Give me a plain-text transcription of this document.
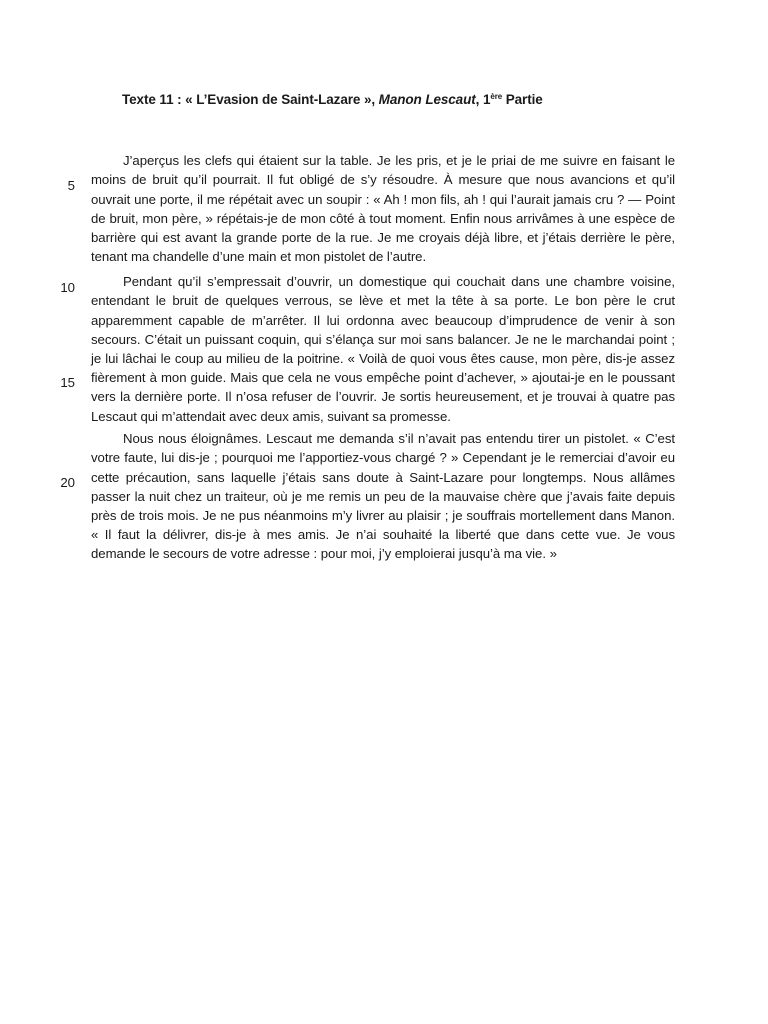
Texte 11 : « L’Evasion de Saint-Lazare », Manon Lescaut, 1ère Partie

J’aperçus les clefs qui étaient sur la table. Je les pris, et je le priai de me suivre en faisant le moins de bruit qu’il pourrait. Il fut obligé de s’y résoudre. À mesure que nous avancions et qu’il ouvrait une porte, il me répétait avec un soupir : « Ah ! mon fils, ah ! qui l’aurait jamais cru ? — Point de bruit, mon père, » répétais-je de mon côté à tout moment. Enfin nous arrivâmes à une espèce de barrière qui est avant la grande porte de la rue. Je me croyais déjà libre, et j’étais derrière le père, tenant ma chandelle d’une main et mon pistolet de l’autre.

Pendant qu’il s’empressait d’ouvrir, un domestique qui couchait dans une chambre voisine, entendant le bruit de quelques verrous, se lève et met la tête à sa porte. Le bon père le crut apparemment capable de m’arrêter. Il lui ordonna avec beaucoup d’imprudence de venir à son secours. C’était un puissant coquin, qui s’élança sur moi sans balancer. Je ne le marchandai point ; je lui lâchai le coup au milieu de la poitrine. « Voilà de quoi vous êtes cause, mon père, dis-je assez fièrement à mon guide. Mais que cela ne vous empêche point d’achever, » ajoutai-je en le poussant vers la dernière porte. Il n’osa refuser de l’ouvrir. Je sortis heureusement, et je trouvai à quatre pas Lescaut qui m’attendait avec deux amis, suivant sa promesse.

Nous nous éloignâmes. Lescaut me demanda s’il n’avait pas entendu tirer un pistolet. « C’est votre faute, lui dis-je ; pourquoi me l’apportiez-vous chargé ? » Cependant je le remerciai d’avoir eu cette précaution, sans laquelle j’étais sans doute à Saint-Lazare pour longtemps. Nous allâmes passer la nuit chez un traiteur, où je me remis un peu de la mauvaise chère que j’avais faite depuis près de trois mois. Je ne pus néanmoins m’y livrer au plaisir ; je souffrais mortellement dans Manon. « Il faut la délivrer, dis-je à mes amis. Je n’ai souhaité la liberté que dans cette vue. Je vous demande le secours de votre adresse : pour moi, j’y emploierai jusqu’à ma vie. »

5
10
15
20
